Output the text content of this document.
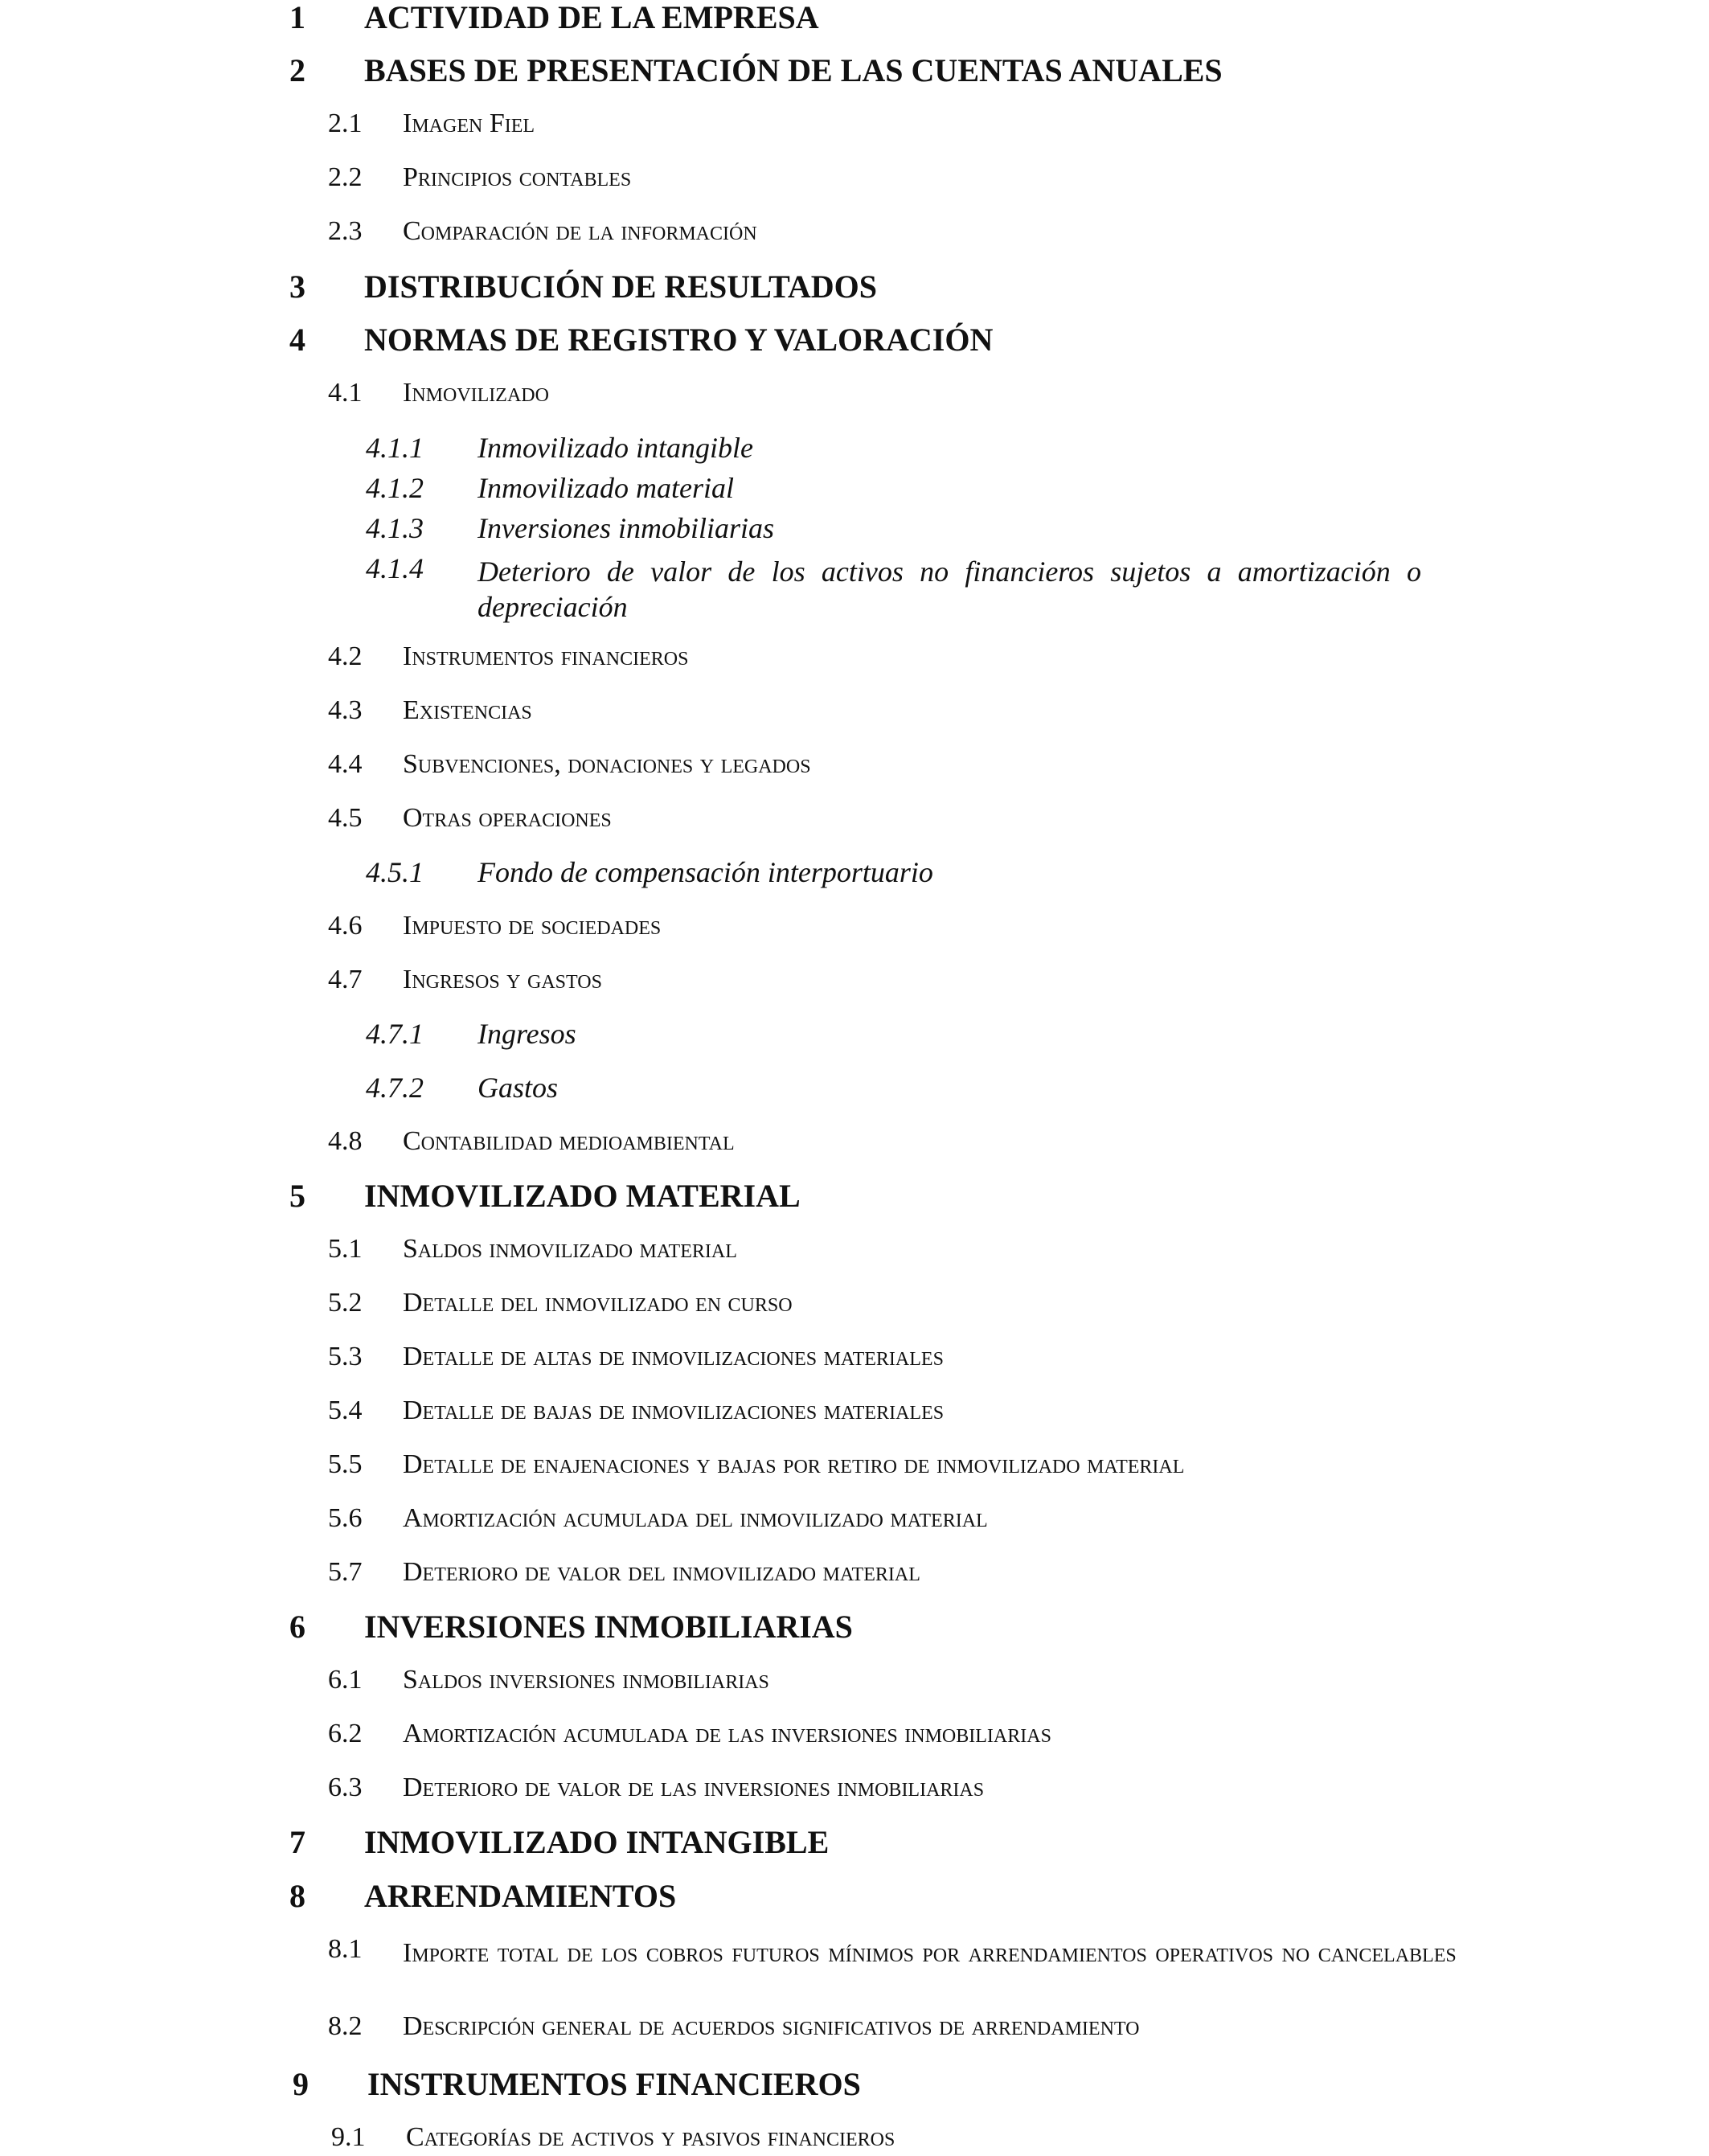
1 ACTIVIDAD DE LA EMPRESA
2 BASES DE PRESENTACIÓN DE LAS CUENTAS ANUALES
2.1 Imagen Fiel
2.2 Principios contables
2.3 Comparación de la información
3 DISTRIBUCIÓN DE RESULTADOS
4 NORMAS DE REGISTRO Y VALORACIÓN
4.1 Inmovilizado
4.1.1 Inmovilizado intangible
4.1.2 Inmovilizado material
4.1.3 Inversiones inmobiliarias
4.1.4 Deterioro de valor de los activos no financieros sujetos a amortización o depreciación
4.2 Instrumentos financieros
4.3 Existencias
4.4 Subvenciones, donaciones y legados
4.5 Otras operaciones
4.5.1 Fondo de compensación interportuario
4.6 Impuesto de sociedades
4.7 Ingresos y gastos
4.7.1 Ingresos
4.7.2 Gastos
4.8 Contabilidad medioambiental
5 INMOVILIZADO MATERIAL
5.1 Saldos inmovilizado material
5.2 Detalle del inmovilizado en curso
5.3 Detalle de altas de inmovilizaciones materiales
5.4 Detalle de bajas de inmovilizaciones materiales
5.5 Detalle de enajenaciones y bajas por retiro de inmovilizado material
5.6 Amortización acumulada del inmovilizado material
5.7 Deterioro de valor del inmovilizado material
6 INVERSIONES INMOBILIARIAS
6.1 Saldos inversiones inmobiliarias
6.2 Amortización acumulada de las inversiones inmobiliarias
6.3 Deterioro de valor de las inversiones inmobiliarias
7 INMOVILIZADO INTANGIBLE
8 ARRENDAMIENTOS
8.1 Importe total de los cobros futuros mínimos por arrendamientos operativos no cancelables
8.2 Descripción general de acuerdos significativos de arrendamiento
9 INSTRUMENTOS FINANCIEROS
9.1 Categorías de activos y pasivos financieros
